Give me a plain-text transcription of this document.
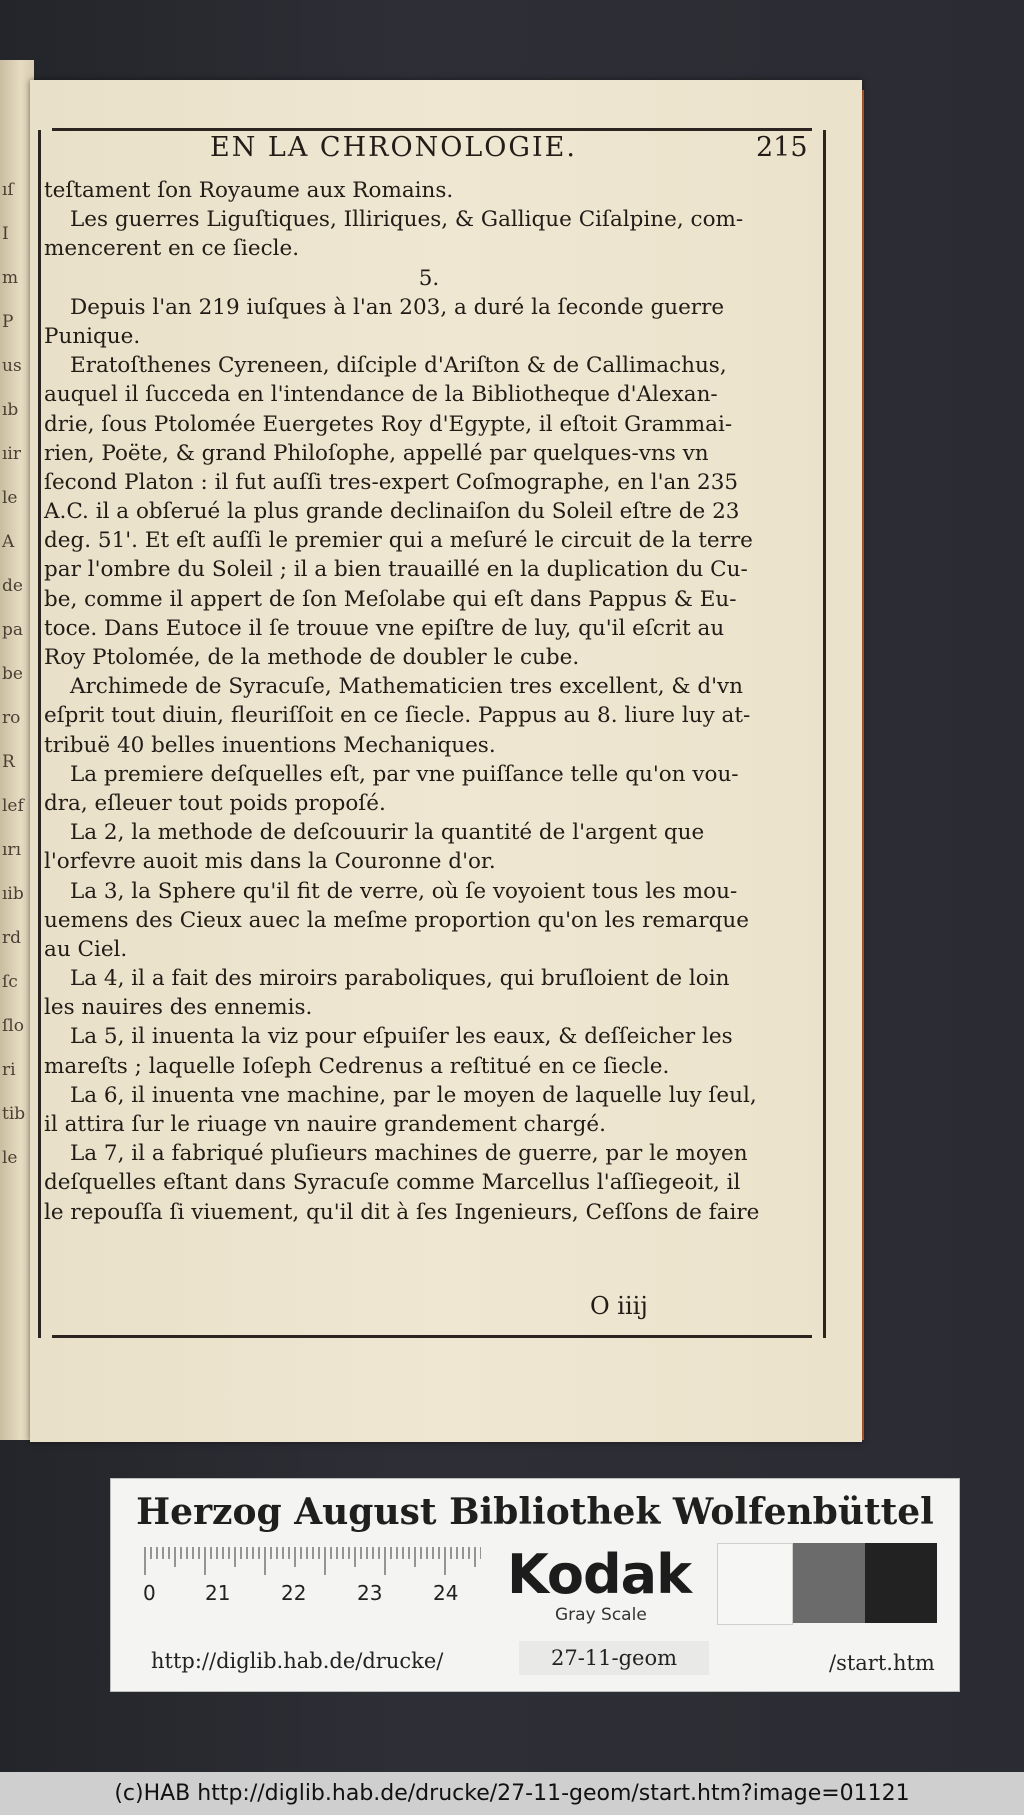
ıſ
I
m
P
us
ıb
ıir
le
A
de
pa
be
ro
R
lef
ırı
ıib
rd
ſc
ſlo
ri
tib
le
EN LA CHRONOLOGIE.	215
teſtament ſon Royaume aux Romains.
Les guerres Liguſtiques, Illiriques, & Gallique Ciſalpine, com-
mencerent en ce ſiecle.
5.
Depuis l'an 219 iuſques à l'an 203, a duré la ſeconde guerre
Punique.
Eratoſthenes Cyreneen, diſciple d'Ariſton & de Callimachus,
auquel il ſucceda en l'intendance de la Bibliotheque d'Alexan-
drie, ſous Ptolomée Euergetes Roy d'Egypte, il eſtoit Grammai-
rien, Poëte, & grand Philoſophe, appellé par quelques-vns vn
ſecond Platon : il fut auſſi tres-expert Coſmographe, en l'an 235
A.C. il a obſerué la plus grande declinaiſon du Soleil eſtre de 23
deg. 51'. Et eſt auſſi le premier qui a meſuré le circuit de la terre
par l'ombre du Soleil ; il a bien trauaillé en la duplication du Cu-
be, comme il appert de ſon Meſolabe qui eſt dans Pappus & Eu-
toce. Dans Eutoce il ſe trouue vne epiſtre de luy, qu'il eſcrit au
Roy Ptolomée, de la methode de doubler le cube.
Archimede de Syracuſe, Mathematicien tres excellent, & d'vn
eſprit tout diuin, fleuriſſoit en ce ſiecle. Pappus au 8. liure luy at-
tribuë 40 belles inuentions Mechaniques.
La premiere deſquelles eſt, par vne puiſſance telle qu'on vou-
dra, eſleuer tout poids propoſé.
La 2, la methode de deſcouurir la quantité de l'argent que
l'orfevre auoit mis dans la Couronne d'or.
La 3, la Sphere qu'il fit de verre, où ſe voyoient tous les mou-
uemens des Cieux auec la meſme proportion qu'on les remarque
au Ciel.
La 4, il a fait des miroirs paraboliques, qui bruſloient de loin
les nauires des ennemis.
La 5, il inuenta la viz pour eſpuiſer les eaux, & deſſeicher les
mareſts ; laquelle Ioſeph Cedrenus a reſtitué en ce ſiecle.
La 6, il inuenta vne machine, par le moyen de laquelle luy ſeul,
il attira ſur le riuage vn nauire grandement chargé.
La 7, il a fabriqué pluſieurs machines de guerre, par le moyen
deſquelles eſtant dans Syracuſe comme Marcellus l'aſſiegeoit, il
le repouſſa ſi viuement, qu'il dit à ſes Ingenieurs, Ceſſons de faire
O iiij
Herzog August Bibliothek Wolfenbüttel
0 21	22	23	24 Kodak
Gray Scale
http://diglib.hab.de/drucke/	27-11-geom	/start.htm
(c)HAB http://diglib.hab.de/drucke/27-11-geom/start.htm?image=01121
